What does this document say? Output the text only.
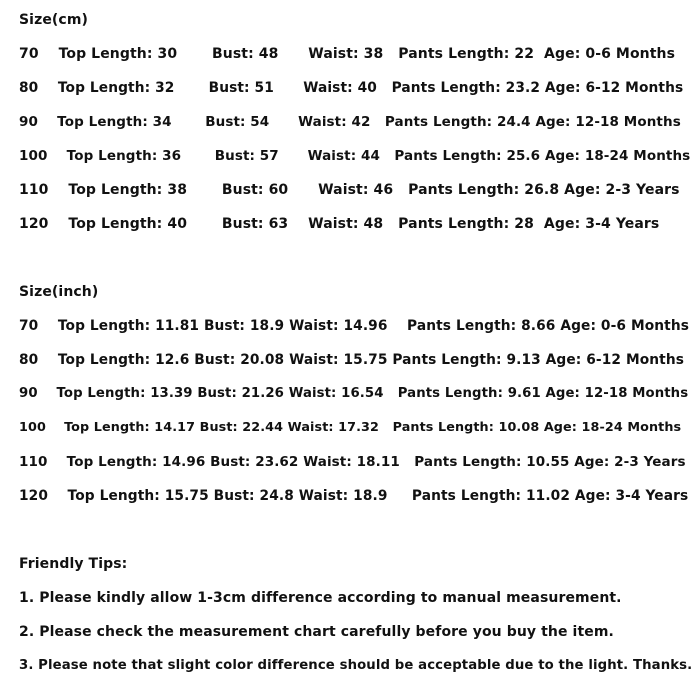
Size(cm)
70    Top Length: 30       Bust: 48      Waist: 38   Pants Length: 22  Age: 0-6 Months
80    Top Length: 32       Bust: 51      Waist: 40   Pants Length: 23.2 Age: 6-12 Months
90    Top Length: 34       Bust: 54      Waist: 42   Pants Length: 24.4 Age: 12-18 Months
100    Top Length: 36       Bust: 57      Waist: 44   Pants Length: 25.6 Age: 18-24 Months
110    Top Length: 38       Bust: 60      Waist: 46   Pants Length: 26.8 Age: 2-3 Years
120    Top Length: 40       Bust: 63    Waist: 48   Pants Length: 28  Age: 3-4 Years
Size(inch)
70    Top Length: 11.81 Bust: 18.9 Waist: 14.96    Pants Length: 8.66 Age: 0-6 Months
80    Top Length: 12.6 Bust: 20.08 Waist: 15.75 Pants Length: 9.13 Age: 6-12 Months
90    Top Length: 13.39 Bust: 21.26 Waist: 16.54   Pants Length: 9.61 Age: 12-18 Months
100    Top Length: 14.17 Bust: 22.44 Waist: 17.32   Pants Length: 10.08 Age: 18-24 Months
110    Top Length: 14.96 Bust: 23.62 Waist: 18.11   Pants Length: 10.55 Age: 2-3 Years
120    Top Length: 15.75 Bust: 24.8 Waist: 18.9     Pants Length: 11.02 Age: 3-4 Years
Friendly Tips:
1. Please kindly allow 1-3cm difference according to manual measurement.
2. Please check the measurement chart carefully before you buy the item.
3. Please note that slight color difference should be acceptable due to the light. Thanks.
